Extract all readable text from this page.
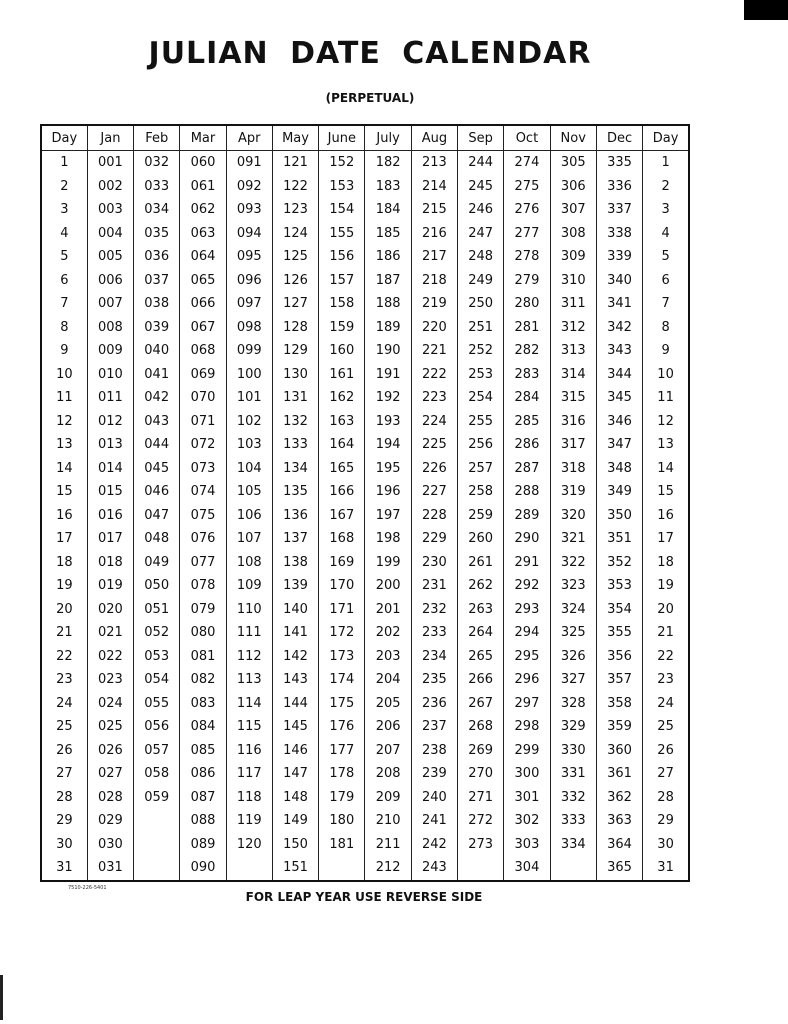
JULIAN DATE CALENDAR
(PERPETUAL)
Day	Jan	Feb	Mar	Apr	May	June	July	Aug	Sep	Oct	Nov	Dec	Day
1	001	032	060	091	121	152	182	213	244	274	305	335	1
2	002	033	061	092	122	153	183	214	245	275	306	336	2
3	003	034	062	093	123	154	184	215	246	276	307	337	3
4	004	035	063	094	124	155	185	216	247	277	308	338	4
5	005	036	064	095	125	156	186	217	248	278	309	339	5
6	006	037	065	096	126	157	187	218	249	279	310	340	6
7	007	038	066	097	127	158	188	219	250	280	311	341	7
8	008	039	067	098	128	159	189	220	251	281	312	342	8
9	009	040	068	099	129	160	190	221	252	282	313	343	9
10	010	041	069	100	130	161	191	222	253	283	314	344	10
11	011	042	070	101	131	162	192	223	254	284	315	345	11
12	012	043	071	102	132	163	193	224	255	285	316	346	12
13	013	044	072	103	133	164	194	225	256	286	317	347	13
14	014	045	073	104	134	165	195	226	257	287	318	348	14
15	015	046	074	105	135	166	196	227	258	288	319	349	15
16	016	047	075	106	136	167	197	228	259	289	320	350	16
17	017	048	076	107	137	168	198	229	260	290	321	351	17
18	018	049	077	108	138	169	199	230	261	291	322	352	18
19	019	050	078	109	139	170	200	231	262	292	323	353	19
20	020	051	079	110	140	171	201	232	263	293	324	354	20
21	021	052	080	111	141	172	202	233	264	294	325	355	21
22	022	053	081	112	142	173	203	234	265	295	326	356	22
23	023	054	082	113	143	174	204	235	266	296	327	357	23
24	024	055	083	114	144	175	205	236	267	297	328	358	24
25	025	056	084	115	145	176	206	237	268	298	329	359	25
26	026	057	085	116	146	177	207	238	269	299	330	360	26
27	027	058	086	117	147	178	208	239	270	300	331	361	27
28	028	059	087	118	148	179	209	240	271	301	332	362	28
29	029		088	119	149	180	210	241	272	302	333	363	29
30	030		089	120	150	181	211	242	273	303	334	364	30
31	031		090		151		212	243		304		365	31
7510-226-5401
FOR LEAP YEAR USE REVERSE SIDE
